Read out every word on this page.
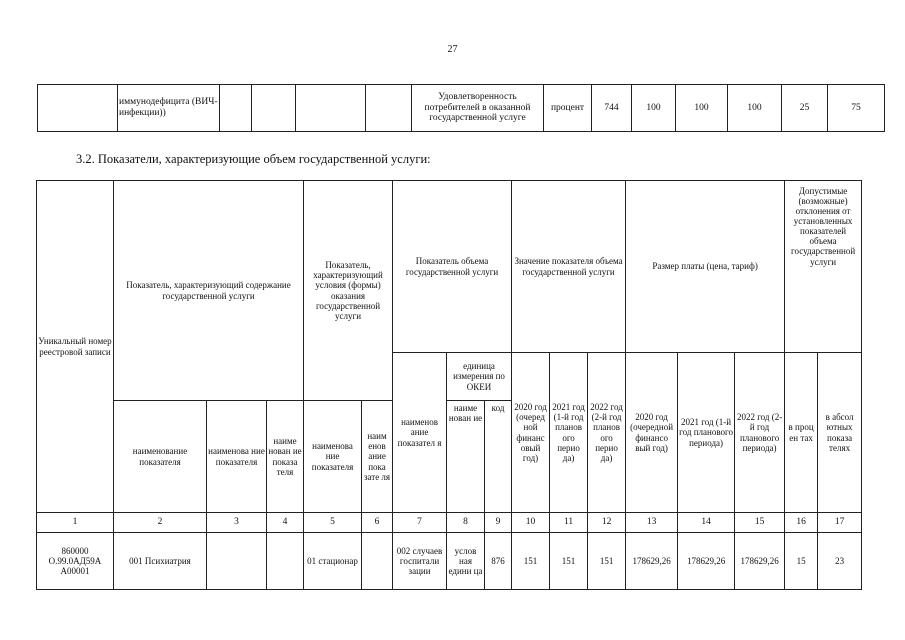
27
	иммунодефицита (ВИЧ-инфекции))					Удовлетворенность потребителей в оказанной государственной услуге	процент	744	100	100	100	25	75
3.2. Показатели, характеризующие объем государственной услуги:
Уникальный номер реестровой записи	Показатель, характеризующий содержание государственной услуги			Показатель, характеризующий условия (формы) оказания государственной услуги		Показатель объема государственной услуги			Значение показателя объема государственной услуги			Размер платы (цена, тариф)			Допустимые (возможные) отклонения от установленных показателей объема государственной услуги	
						наименов ание показател я	единица измерения по ОКЕИ		2020 год (очеред ной финанс овый год)	2021 год (1-й год планов ого перио да)	2022 год (2-й год планов ого перио да)	2020 год (очередной финансо вый год)	2021 год (1-й год планового периода)	2022 год (2-й год планового периода)	в проц ен тах	в абсол ютных показа телях
	наименование показателя	наименова ние показателя	наиме нован ие показа теля	наименова ние показателя	наим енов ание пока зате ля		наиме нован ие	код								
1	2	3	4	5	6	7	8	9	10	11	12	13	14	15	16	17
860000 О.99.0АД59А А00001	001 Психиатрия			01 стационар		002 случаев госпитали зации	услов ная едини ца	876	151	151	151	178629,26	178629,26	178629,26	15	23
